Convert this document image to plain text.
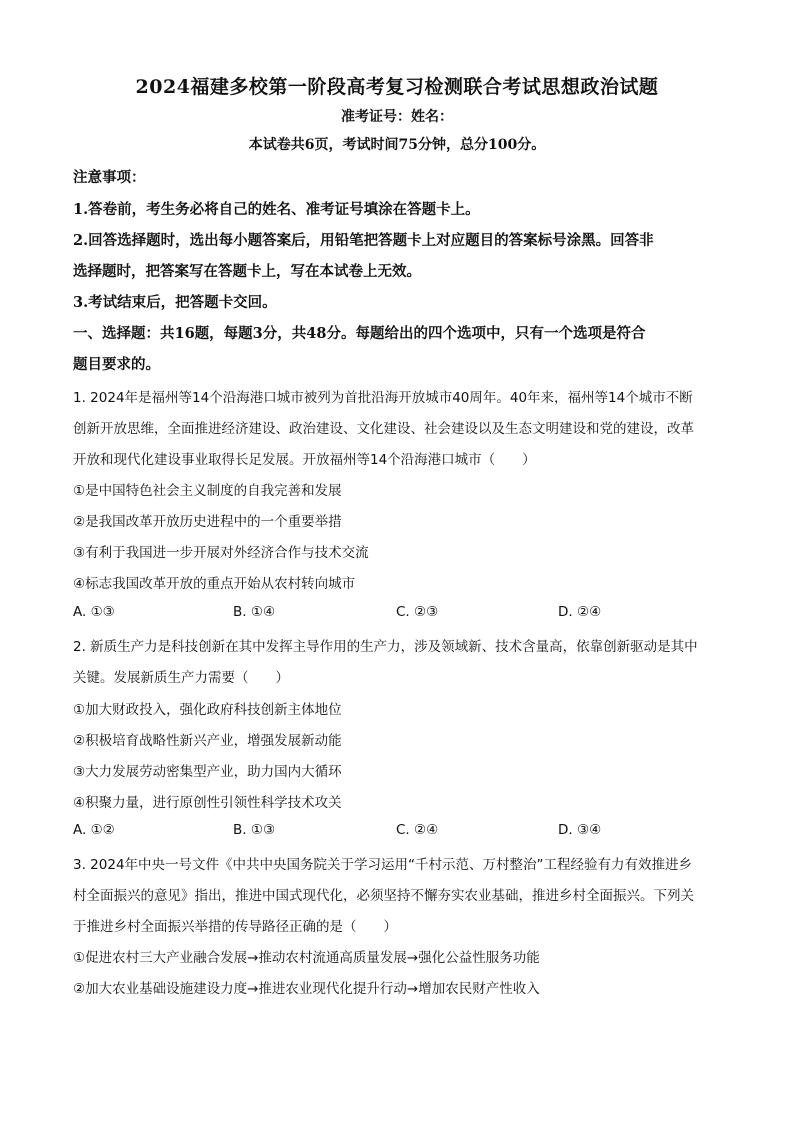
2024福建多校第一阶段高考复习检测联合考试思想政治试题
准考证号：姓名：
本试卷共6页，考试时间75分钟，总分100分。
注意事项：
1.答卷前，考生务必将自己的姓名、准考证号填涂在答题卡上。
2.回答选择题时，选出每小题答案后，用铅笔把答题卡上对应题目的答案标号涂黑。回答非
选择题时，把答案写在答题卡上，写在本试卷上无效。
3.考试结束后，把答题卡交回。
一、选择题：共16题，每题3分，共48分。每题给出的四个选项中，只有一个选项是符合
题目要求的。
1. 2024年是福州等14个沿海港口城市被列为首批沿海开放城市40周年。40年来，福州等14个城市不断
创新开放思维，全面推进经济建设、政治建设、文化建设、社会建设以及生态文明建设和党的建设，改革
开放和现代化建设事业取得长足发展。开放福州等14个沿海港口城市（　　）
①是中国特色社会主义制度的自我完善和发展
②是我国改革开放历史进程中的一个重要举措
③有利于我国进一步开展对外经济合作与技术交流
④标志我国改革开放的重点开始从农村转向城市
A. ①③	B. ①④	C. ②③	D. ②④
2. 新质生产力是科技创新在其中发挥主导作用的生产力，涉及领域新、技术含量高，依靠创新驱动是其中
关键。发展新质生产力需要（　　）
①加大财政投入，强化政府科技创新主体地位
②积极培育战略性新兴产业，增强发展新动能
③大力发展劳动密集型产业，助力国内大循环
④积聚力量，进行原创性引领性科学技术攻关
A. ①②	B. ①③	C. ②④	D. ③④
3. 2024年中央一号文件《中共中央国务院关于学习运用“千村示范、万村整治”工程经验有力有效推进乡
村全面振兴的意见》指出，推进中国式现代化，必须坚持不懈夯实农业基础，推进乡村全面振兴。下列关
于推进乡村全面振兴举措的传导路径正确的是（　　）
①促进农村三大产业融合发展→推动农村流通高质量发展→强化公益性服务功能
②加大农业基础设施建设力度→推进农业现代化提升行动→增加农民财产性收入
